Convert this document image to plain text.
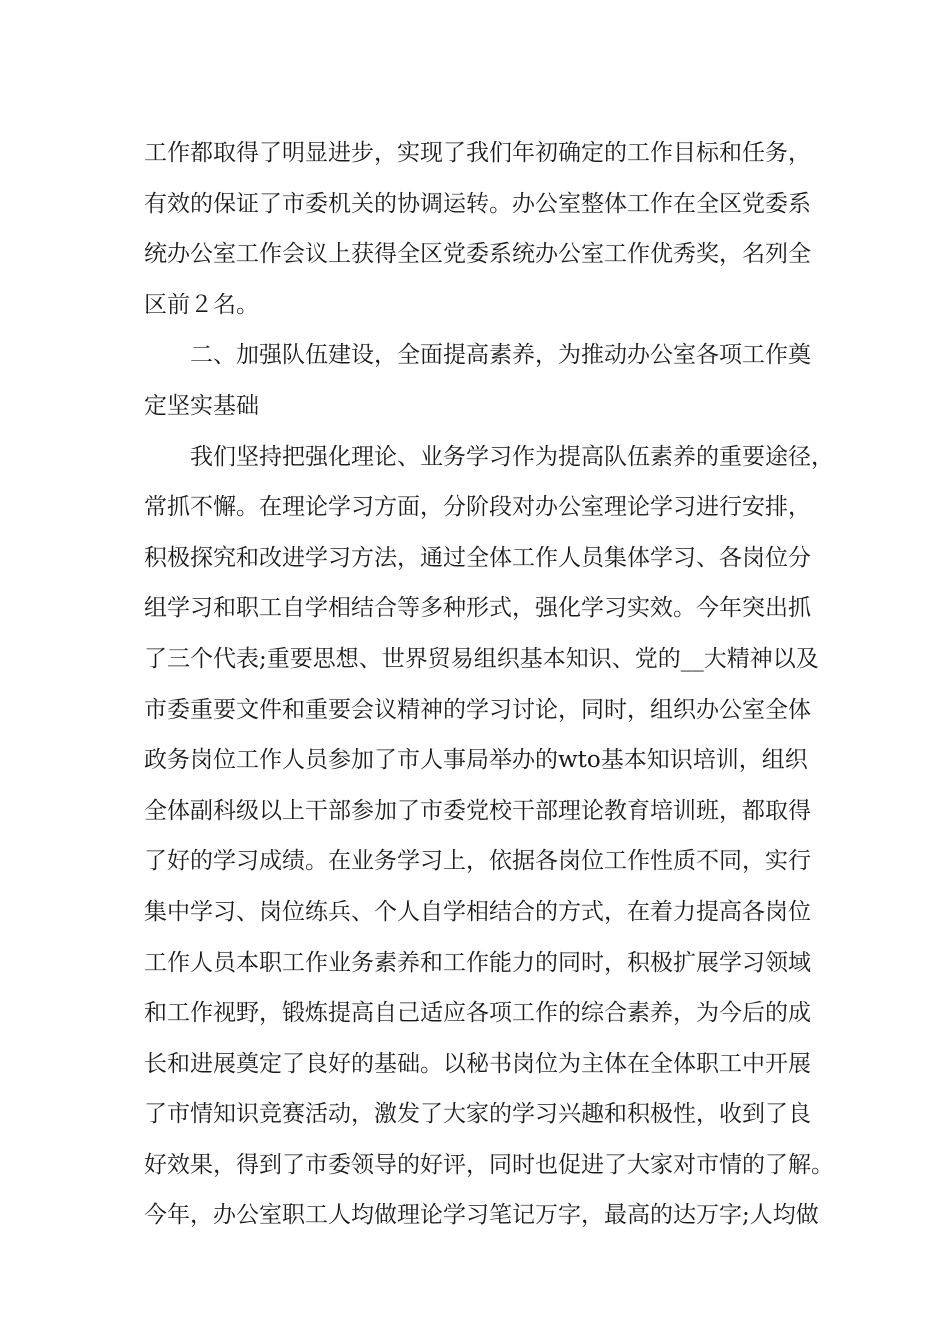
工作都取得了明显进步，实现了我们年初确定的工作目标和任务，
有效的保证了市委机关的协调运转。办公室整体工作在全区党委系
统办公室工作会议上获得全区党委系统办公室工作优秀奖，名列全
区前２名。
二、加强队伍建设，全面提高素养，为推动办公室各项工作奠
定坚实基础
我们坚持把强化理论、业务学习作为提高队伍素养的重要途径，
常抓不懈。在理论学习方面，分阶段对办公室理论学习进行安排，
积极探究和改进学习方法，通过全体工作人员集体学习、各岗位分
组学习和职工自学相结合等多种形式，强化学习实效。今年突出抓
了三个代表;重要思想、世界贸易组织基本知识、党的__大精神以及
市委重要文件和重要会议精神的学习讨论，同时，组织办公室全体
政务岗位工作人员参加了市人事局举办的wto基本知识培训，组织
全体副科级以上干部参加了市委党校干部理论教育培训班，都取得
了好的学习成绩。在业务学习上，依据各岗位工作性质不同，实行
集中学习、岗位练兵、个人自学相结合的方式，在着力提高各岗位
工作人员本职工作业务素养和工作能力的同时，积极扩展学习领域
和工作视野，锻炼提高自己适应各项工作的综合素养，为今后的成
长和进展奠定了良好的基础。以秘书岗位为主体在全体职工中开展
了市情知识竞赛活动，激发了大家的学习兴趣和积极性，收到了良
好效果，得到了市委领导的好评，同时也促进了大家对市情的了解。
今年，办公室职工人均做理论学习笔记万字，最高的达万字;人均做
